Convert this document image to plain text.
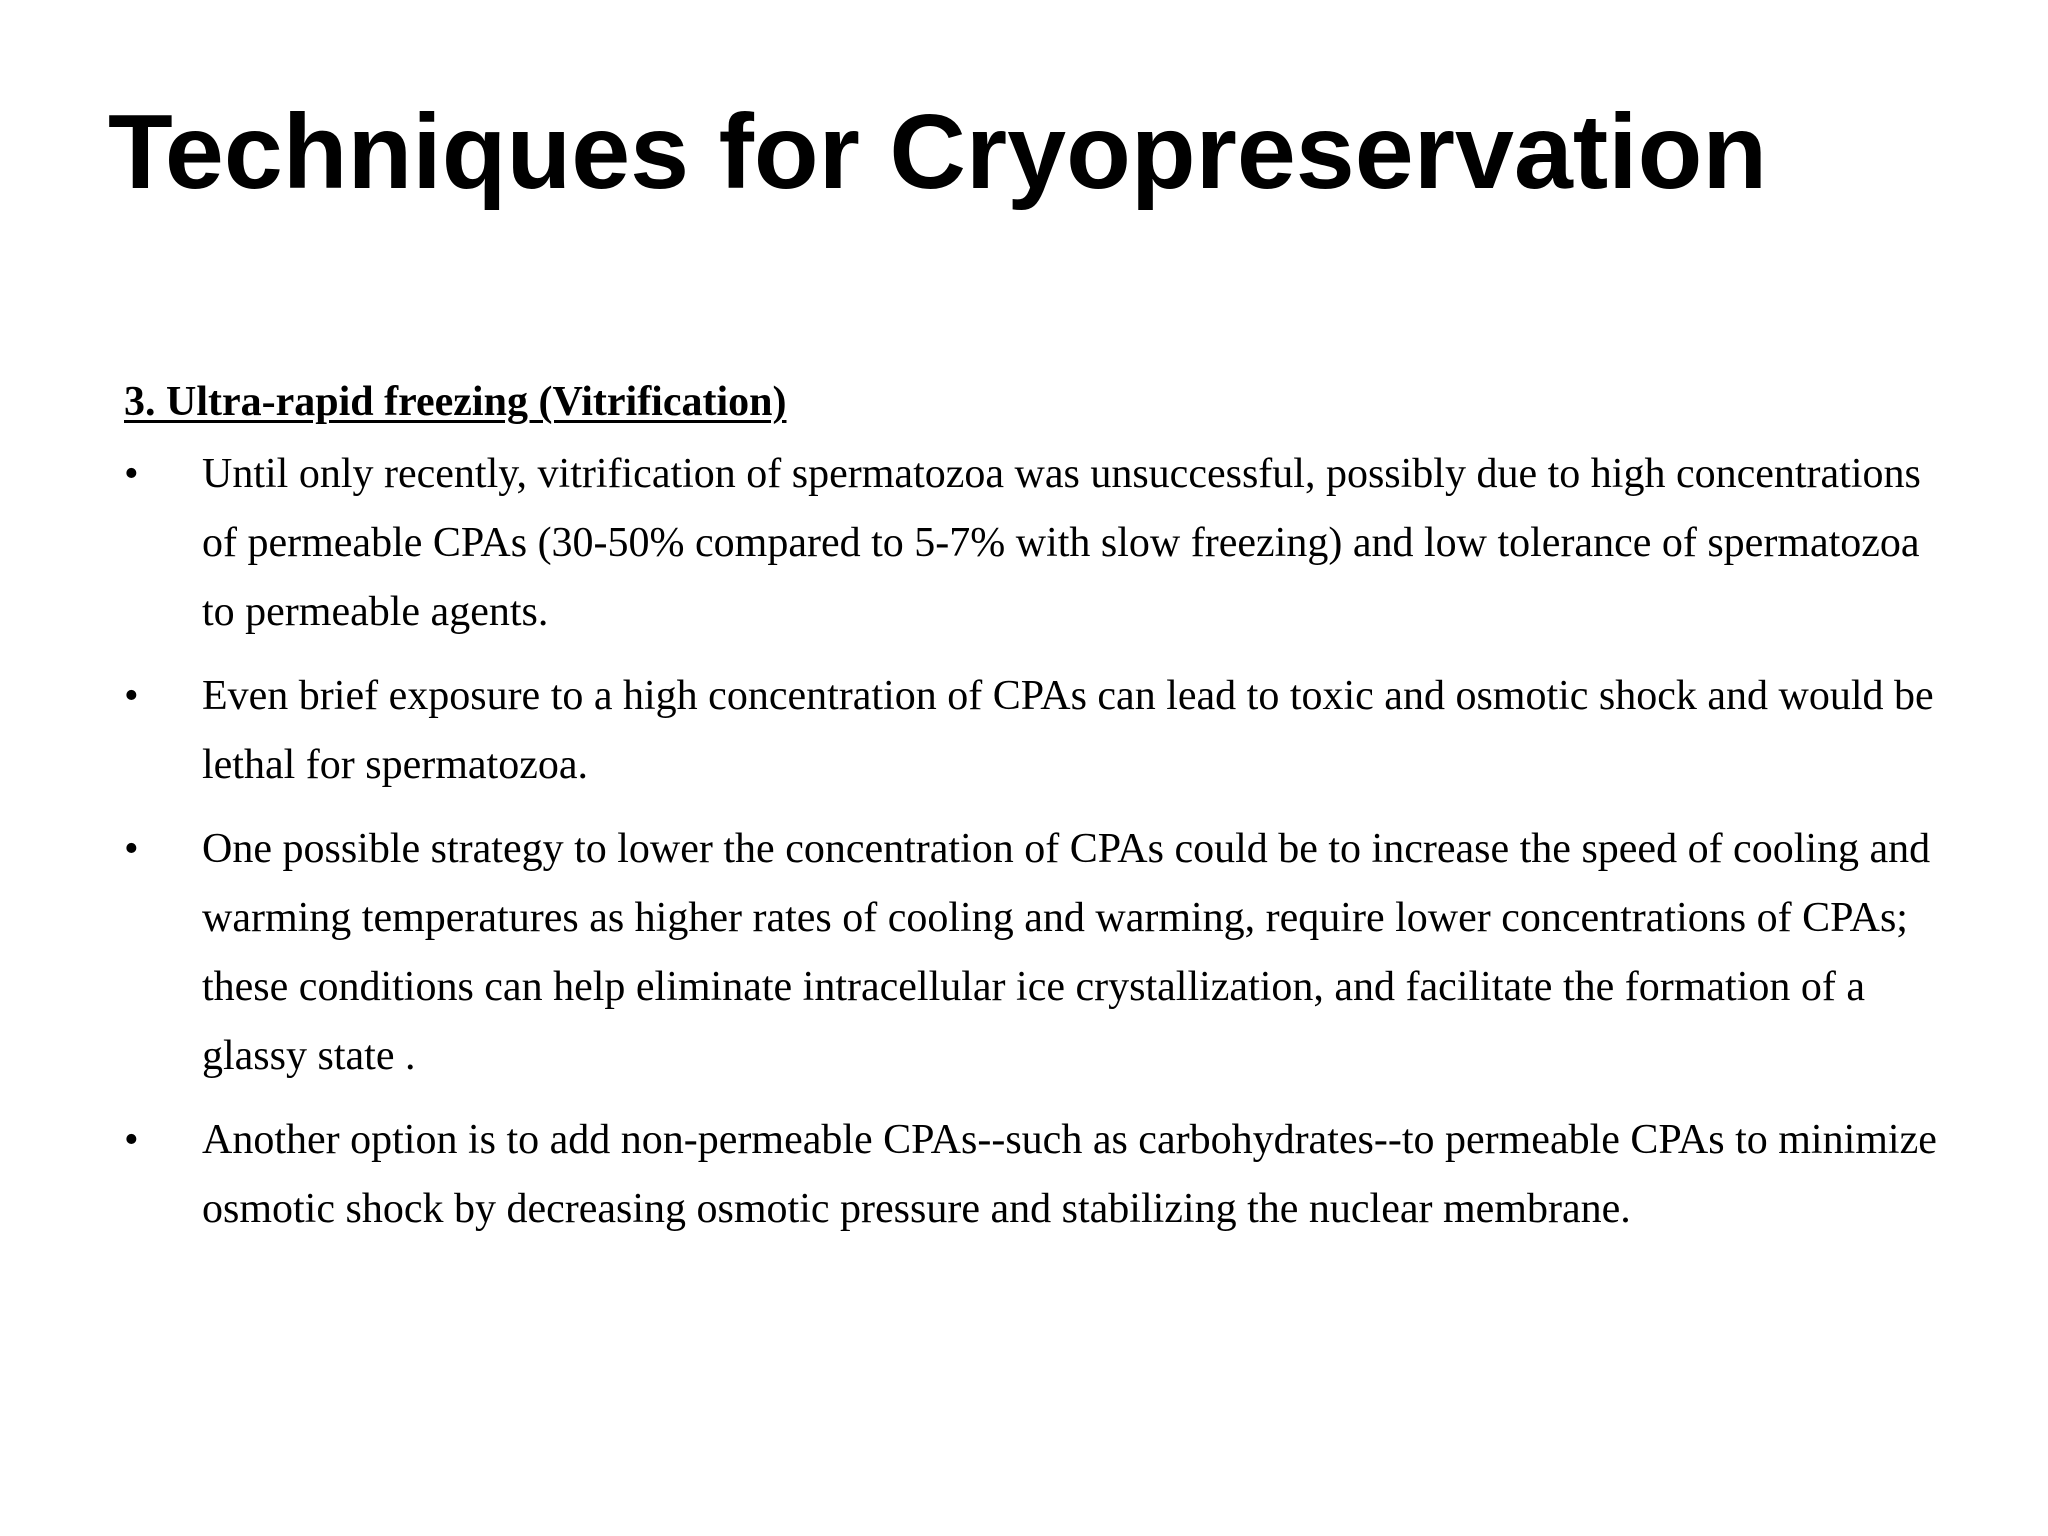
Techniques for Cryopreservation
3. Ultra-rapid freezing (Vitrification)
• Until only recently, vitrification of spermatozoa was unsuccessful, possibly due to high concentrations of permeable CPAs (30-50% compared to 5-7% with slow freezing) and low tolerance of spermatozoa to permeable agents.
• Even brief exposure to a high concentration of CPAs can lead to toxic and osmotic shock and would be lethal for spermatozoa.
• One possible strategy to lower the concentration of CPAs could be to increase the speed of cooling and warming temperatures as higher rates of cooling and warming, require lower concentrations of CPAs; these conditions can help eliminate intracellular ice crystallization, and facilitate the formation of a glassy state .
• Another option is to add non-permeable CPAs--such as carbohydrates--to permeable CPAs to minimize osmotic shock by decreasing osmotic pressure and stabilizing the nuclear membrane.
